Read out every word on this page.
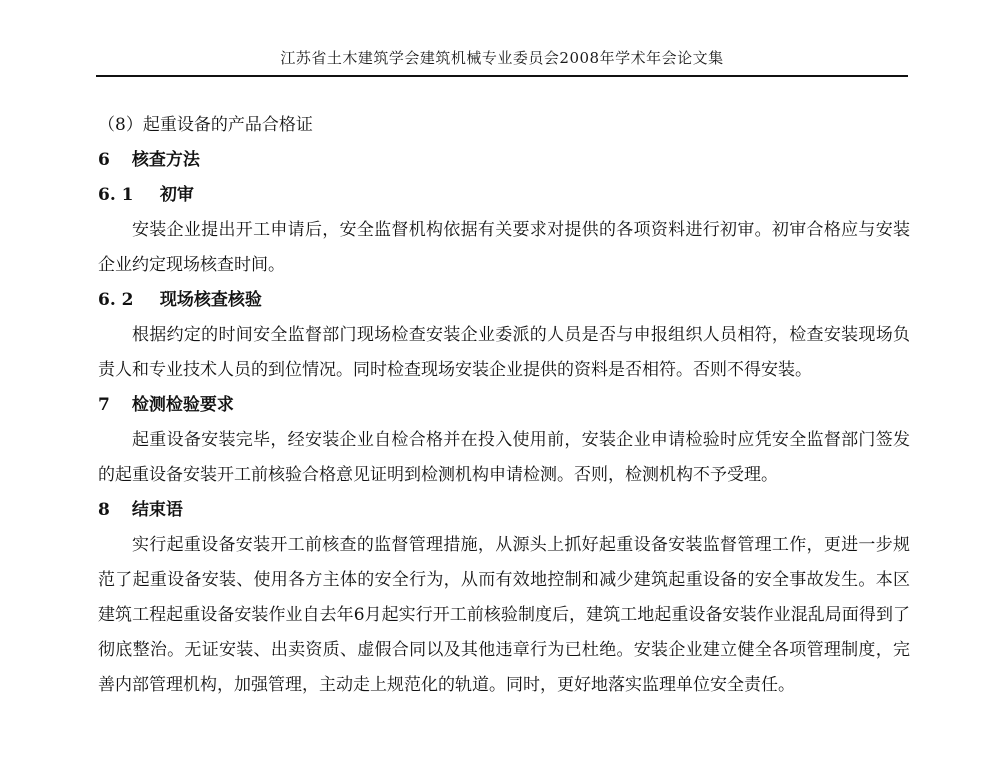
江苏省土木建筑学会建筑机械专业委员会2008年学术年会论文集
（8）起重设备的产品合格证
6 核查方法
6. 1 初审

安装企业提出开工申请后，安全监督机构依据有关要求对提供的各项资料进行初审。初审合格应与安装企业约定现场核查时间。

6. 2 现场核查核验

根据约定的时间安全监督部门现场检查安装企业委派的人员是否与申报组织人员相符，检查安装现场负责人和专业技术人员的到位情况。同时检查现场安装企业提供的资料是否相符。否则不得安装。

7 检测检验要求

起重设备安装完毕，经安装企业自检合格并在投入使用前，安装企业申请检验时应凭安全监督部门签发的起重设备安装开工前核验合格意见证明到检测机构申请检测。否则，检测机构不予受理。

8 结束语

实行起重设备安装开工前核查的监督管理措施，从源头上抓好起重设备安装监督管理工作，更进一步规范了起重设备安装、使用各方主体的安全行为，从而有效地控制和减少建筑起重设备的安全事故发生。本区建筑工程起重设备安装作业自去年6月起实行开工前核验制度后，建筑工地起重设备安装作业混乱局面得到了彻底整治。无证安装、出卖资质、虚假合同以及其他违章行为已杜绝。安装企业建立健全各项管理制度，完善内部管理机构，加强管理，主动走上规范化的轨道。同时，更好地落实监理单位安全责任。
